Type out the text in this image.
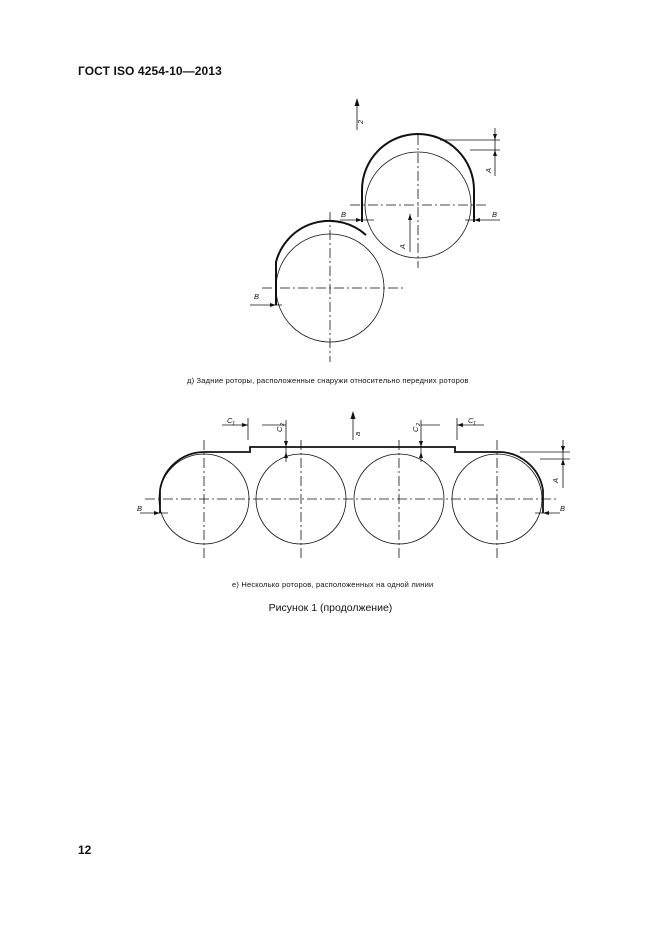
ГОСТ ISO 4254-10—2013
2
A
A
B	B
B
д) Задние роторы, расположенные снаружи относительно передних роторов
C 1
C
2
a
C
2	C 1
A
B	B
е) Несколько роторов, расположенных на одной линии
Рисунок 1 (продолжение)
12
